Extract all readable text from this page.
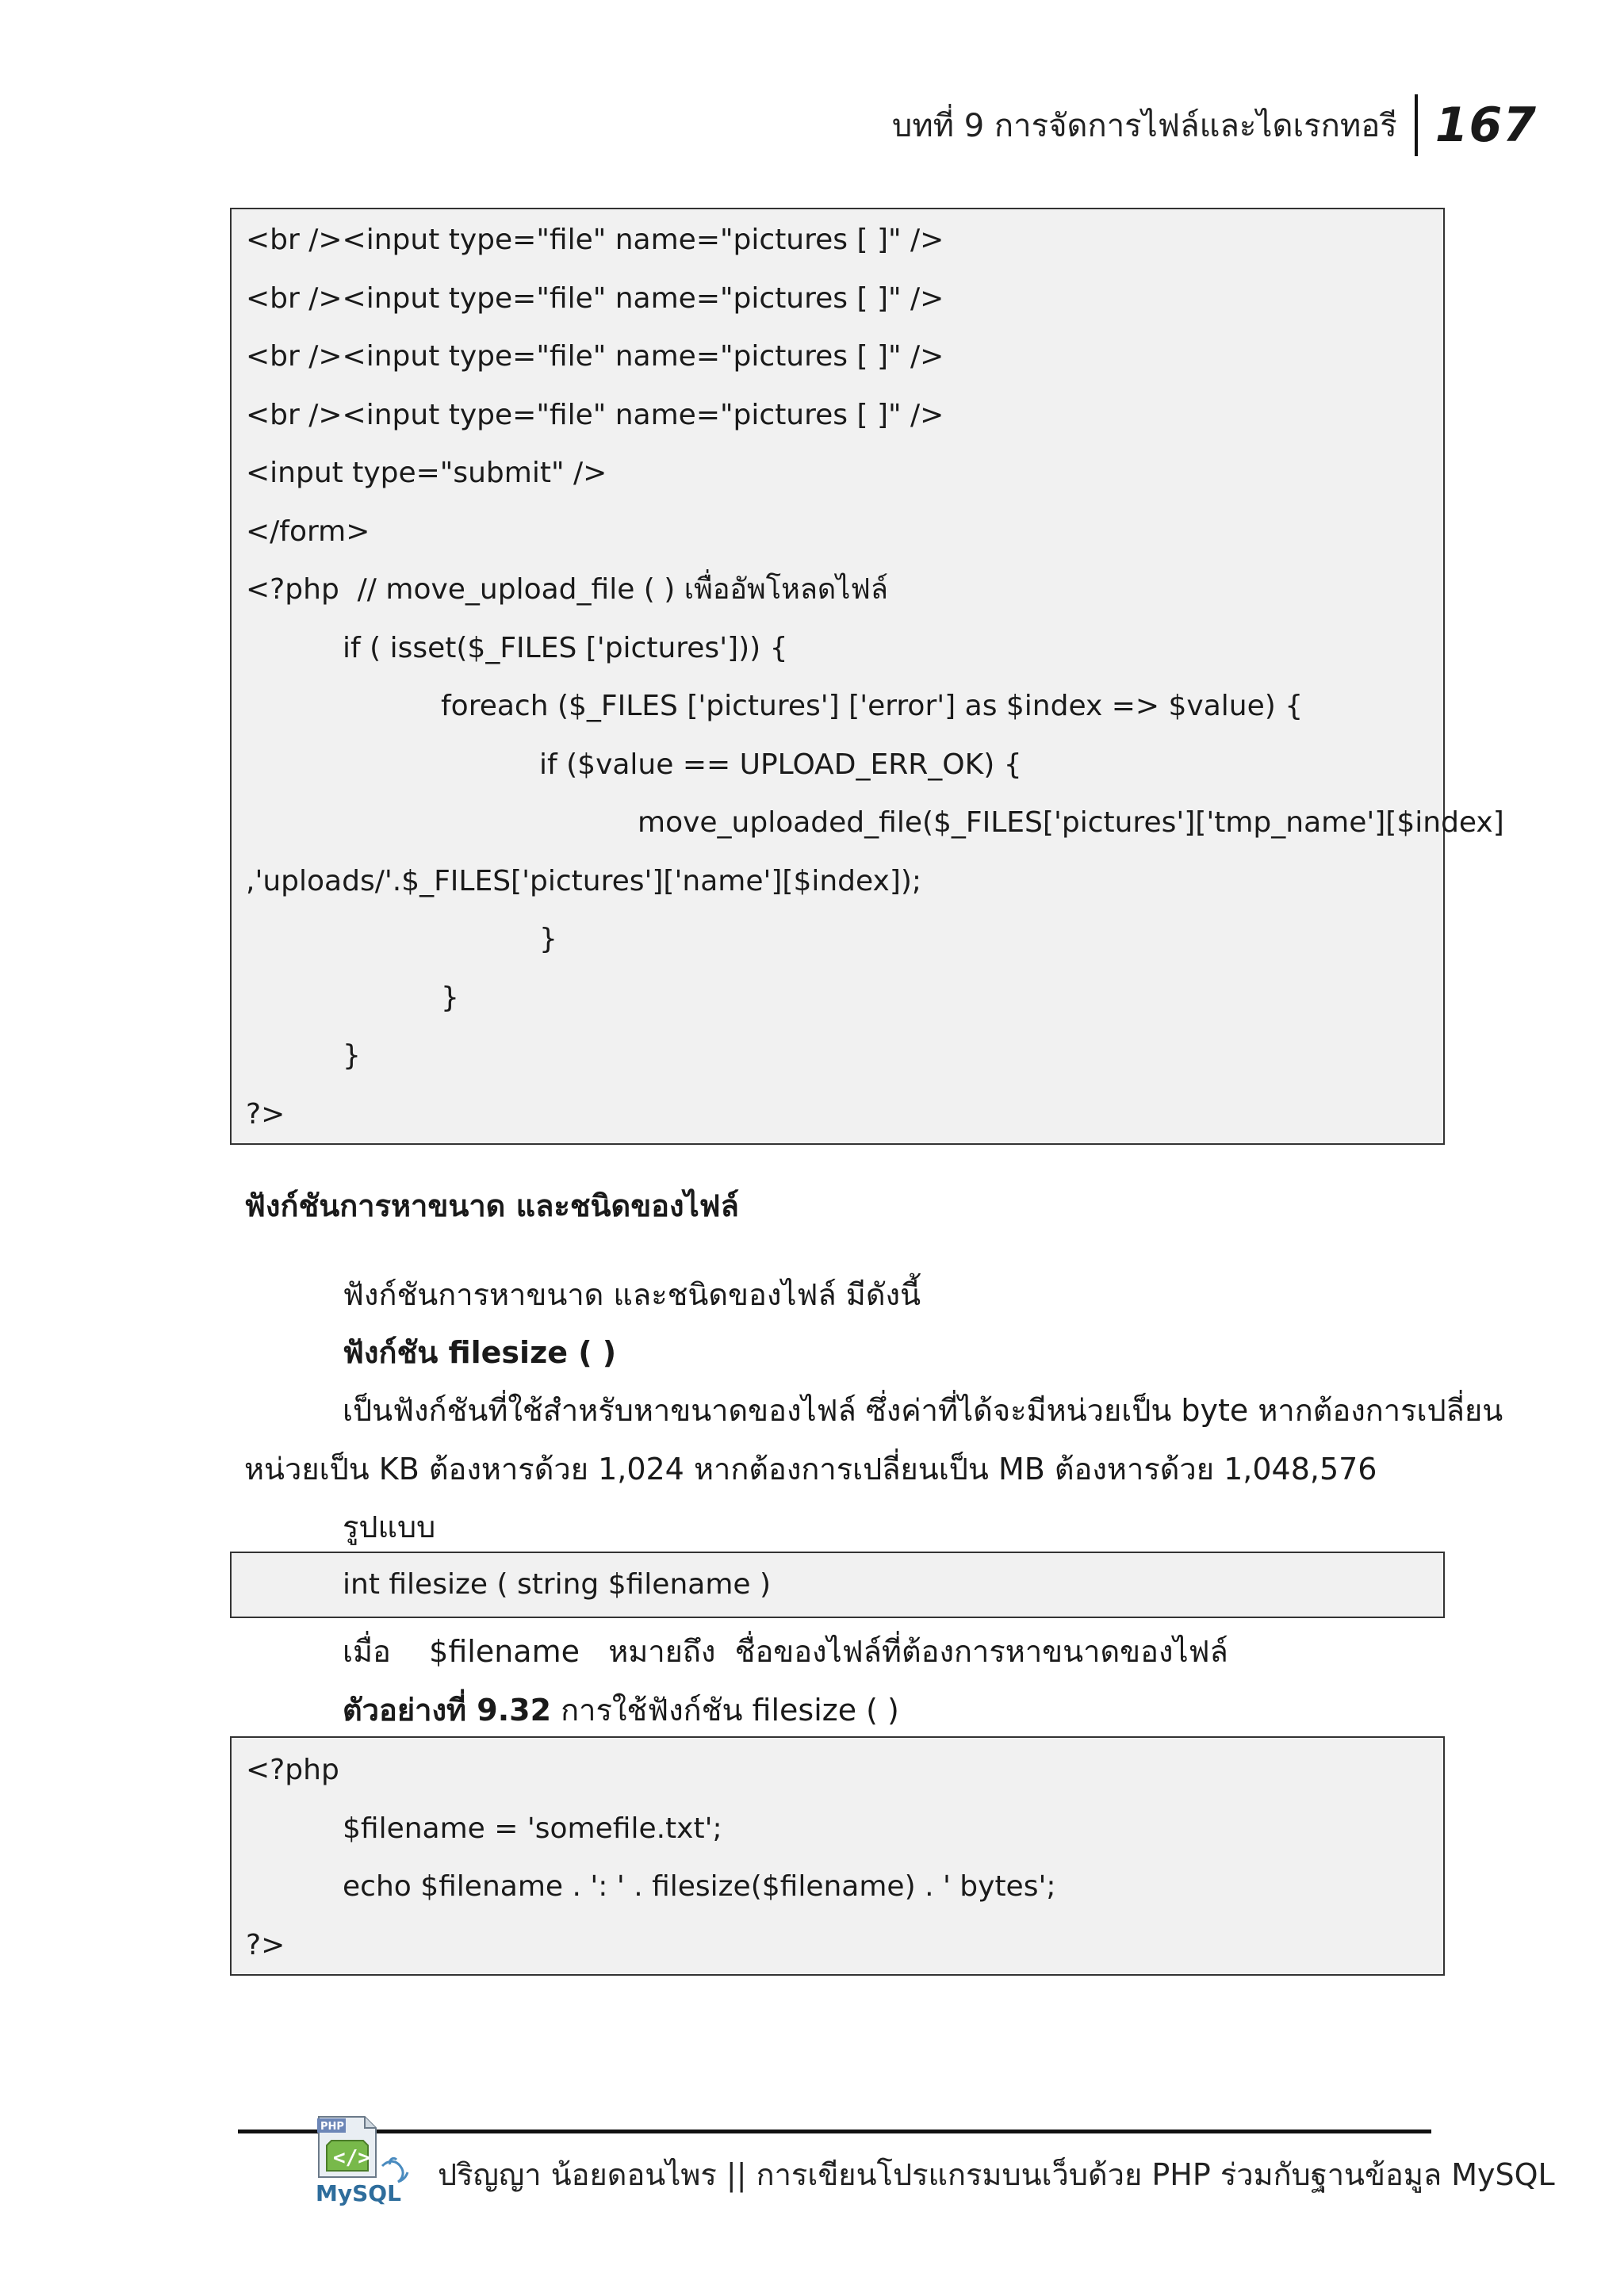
บทที่ 9 การจัดการไฟล์และไดเรกทอรี 167
<br /><input type="file" name="pictures [ ]" />
<br /><input type="file" name="pictures [ ]" />
<br /><input type="file" name="pictures [ ]" />
<br /><input type="file" name="pictures [ ]" />
<input type="submit" />
</form>
<?php  // move_upload_file ( ) เพื่ออัพโหลดไฟล์
if ( isset($_FILES ['pictures'])) {
foreach ($_FILES ['pictures'] ['error'] as $index => $value) {
if ($value == UPLOAD_ERR_OK) {
move_uploaded_file($_FILES['pictures']['tmp_name'][$index]
,'uploads/'.$_FILES['pictures']['name'][$index]);
}
}
}
?>
ฟังก์ชันการหาขนาด และชนิดของไฟล์
ฟังก์ชันการหาขนาด และชนิดของไฟล์ มีดังนี้
ฟังก์ชัน filesize ( )
เป็นฟังก์ชันที่ใช้สำหรับหาขนาดของไฟล์ ซึ่งค่าที่ได้จะมีหน่วยเป็น byte หากต้องการเปลี่ยน
หน่วยเป็น KB ต้องหารด้วย 1,024 หากต้องการเปลี่ยนเป็น MB ต้องหารด้วย 1,048,576
รูปแบบ
int filesize ( string $filename )
เมื่อ    $filename   หมายถึง  ชื่อของไฟล์ที่ต้องการหาขนาดของไฟล์
ตัวอย่างที่ 9.32 การใช้ฟังก์ชัน filesize ( )
<?php
$filename = 'somefile.txt';
echo $filename . ': ' . filesize($filename) . ' bytes';
?>
PHP
</>
MySQL
ปริญญา น้อยดอนไพร || การเขียนโปรแกรมบนเว็บด้วย PHP ร่วมกับฐานข้อมูล MySQL
